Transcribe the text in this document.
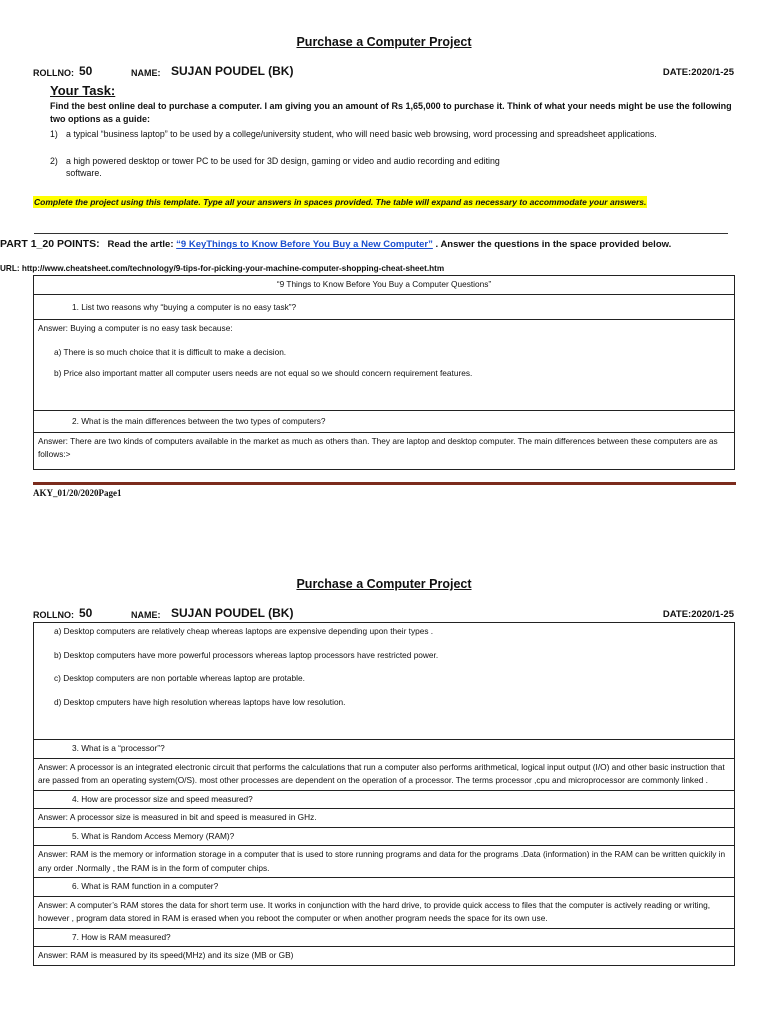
Purchase a Computer Project
ROLLNO: 50	NAME: SUJAN POUDEL (BK)	DATE:2020/1-25
Your Task:
Find the best online deal to purchase a computer. I am giving you an amount of Rs 1,65,000 to purchase it. Think of what your needs might be use the following two options as a guide:
1) a typical “business laptop” to be used by a college/university student, who will need basic web browsing, word processing and spreadsheet applications.
2) a high powered desktop or tower PC to be used for 3D design, gaming or video and audio recording and editing software.
Complete the project using this template. Type all your answers in spaces provided. The table will expand as necessary to accommodate your answers.
PART 1_20 POINTS: Read the artle: “9 KeyThings to Know Before You Buy a New Computer” . Answer the questions in the space provided below.
URL: http://www.cheatsheet.com/technology/9-tips-for-picking-your-machine-computer-shopping-cheat-sheet.htm
“9 Things to Know Before You Buy a Computer Questions”
1. List two reasons why “buying a computer is no easy task”?

Answer: Buying a computer is no easy task because:
a) There is so much choice that it is difficult to make a decision.
b) Price also important matter all computer users needs are not equal so we should concern requirement features.

2. What is the main differences between the two types of computers?
Answer: There are two kinds of computers available in the market as much as others than. They are laptop and desktop computer. The main differences between these computers are as follows:>
AKY_01/20/2020Page1
Purchase a Computer Project
ROLLNO: 50	NAME: SUJAN POUDEL (BK)	DATE:2020/1-25
a) Desktop computers are relatively cheap whereas laptops are expensive depending upon their types .
b) Desktop computers have more powerful processors whereas laptop processors have restricted power.
c) Desktop computers are non portable whereas laptop are protable.
d) Desktop cmputers have high resolution whereas laptops have low resolution.

3. What is a “processor”?
Answer: A processor is an integrated electronic circuit that performs the calculations that run a computer also performs arithmetical, logical input output (I/O) and other basic instruction that are passed from an operating system(O/S). most other processes are dependent on the operation of a processor. The terms processor ,cpu and microprocessor are commonly linked .
4. How are processor size and speed measured?
Answer: A processor size is measured in bit and speed is measured in GHz.
5. What is Random Access Memory (RAM)?
Answer: RAM is the memory or information storage in a computer that is used to store running programs and data for the programs .Data (information) in the RAM can be written quickily in any order .Normally , the RAM is in the form of computer chips.
6. What is RAM function in a computer?
Answer: A computer’s RAM stores the data for short term use. It works in conjunction with the hard drive, to provide quick access to files that the computer is actively reading or writing, however , program data stored in RAM is erased when you reboot the computer or when another program needs the space for its own use.
7. How is RAM measured?
Answer: RAM is measured by its speed(MHz) and its size (MB or GB)
